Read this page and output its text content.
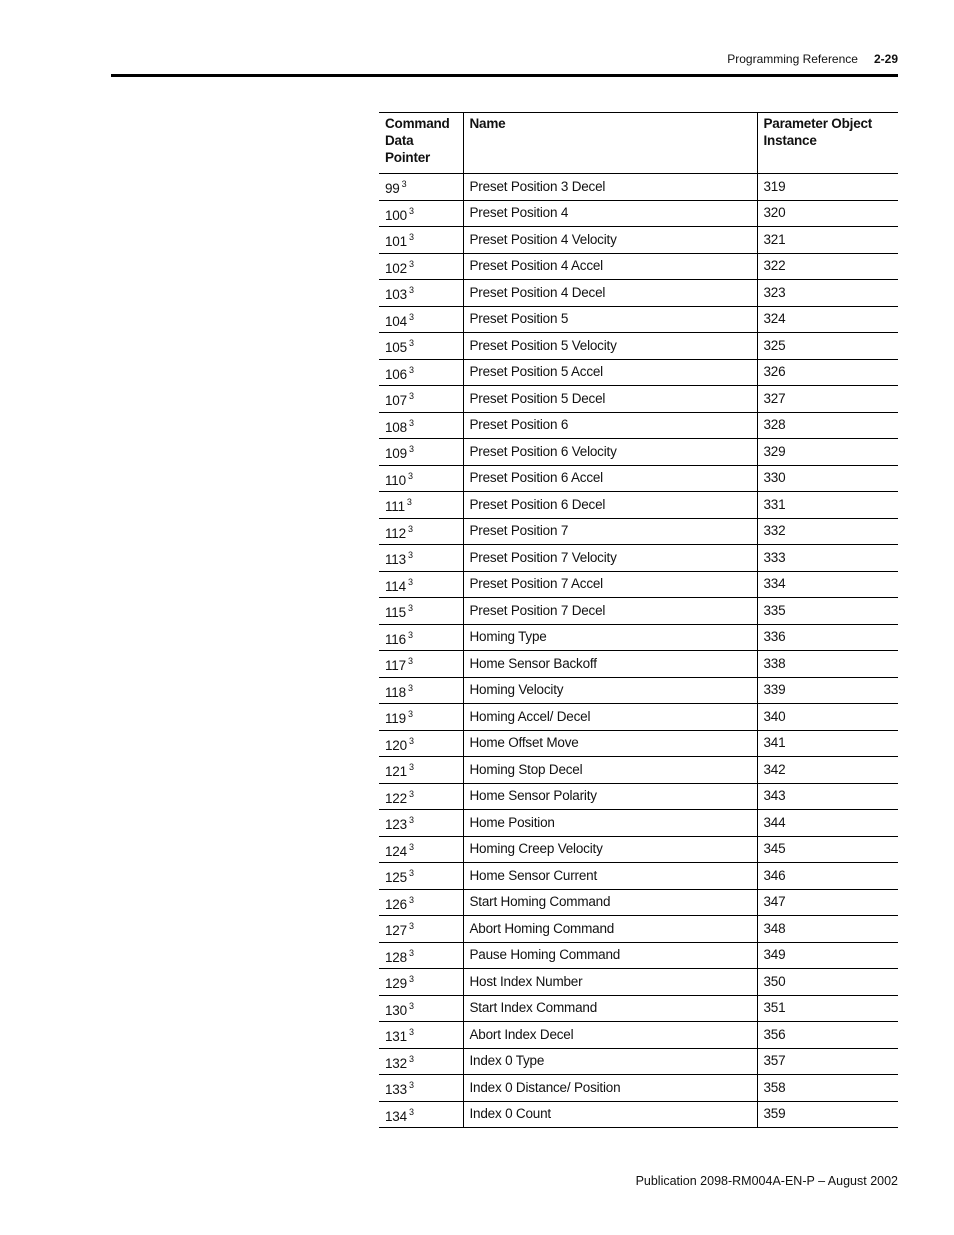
Programming Reference 2-29
Command Data Pointer	Name	Parameter Object Instance
99 $^3$	Preset Position 3 Decel	319
100 $^3$	Preset Position 4	320
101 $^3$	Preset Position 4 Velocity	321
102 $^3$	Preset Position 4 Accel	322
103 $^3$	Preset Position 4 Decel	323
104 $^3$	Preset Position 5	324
105 $^3$	Preset Position 5 Velocity	325
106 $^3$	Preset Position 5 Accel	326
107 $^3$	Preset Position 5 Decel	327
108 $^3$	Preset Position 6	328
109 $^3$	Preset Position 6 Velocity	329
110 $^3$	Preset Position 6 Accel	330
111 $^3$	Preset Position 6 Decel	331
112 $^3$	Preset Position 7	332
113 $^3$	Preset Position 7 Velocity	333
114 $^3$	Preset Position 7 Accel	334
115 $^3$	Preset Position 7 Decel	335
116 $^3$	Homing Type	336
117 $^3$	Home Sensor Backoff	338
118 $^3$	Homing Velocity	339
119 $^3$	Homing Accel/ Decel	340
120 $^3$	Home Offset Move	341
121 $^3$	Homing Stop Decel	342
122 $^3$	Home Sensor Polarity	343
123 $^3$	Home Position	344
124 $^3$	Homing Creep Velocity	345
125 $^3$	Home Sensor Current	346
126 $^3$	Start Homing Command	347
127 $^3$	Abort Homing Command	348
128 $^3$	Pause Homing Command	349
129 $^3$	Host Index Number	350
130 $^3$	Start Index Command	351
131 $^3$	Abort Index Decel	356
132 $^3$	Index 0 Type	357
133 $^3$	Index 0 Distance/ Position	358
134 $^3$	Index 0 Count	359
Publication 2098-RM004A-EN-P – August 2002
